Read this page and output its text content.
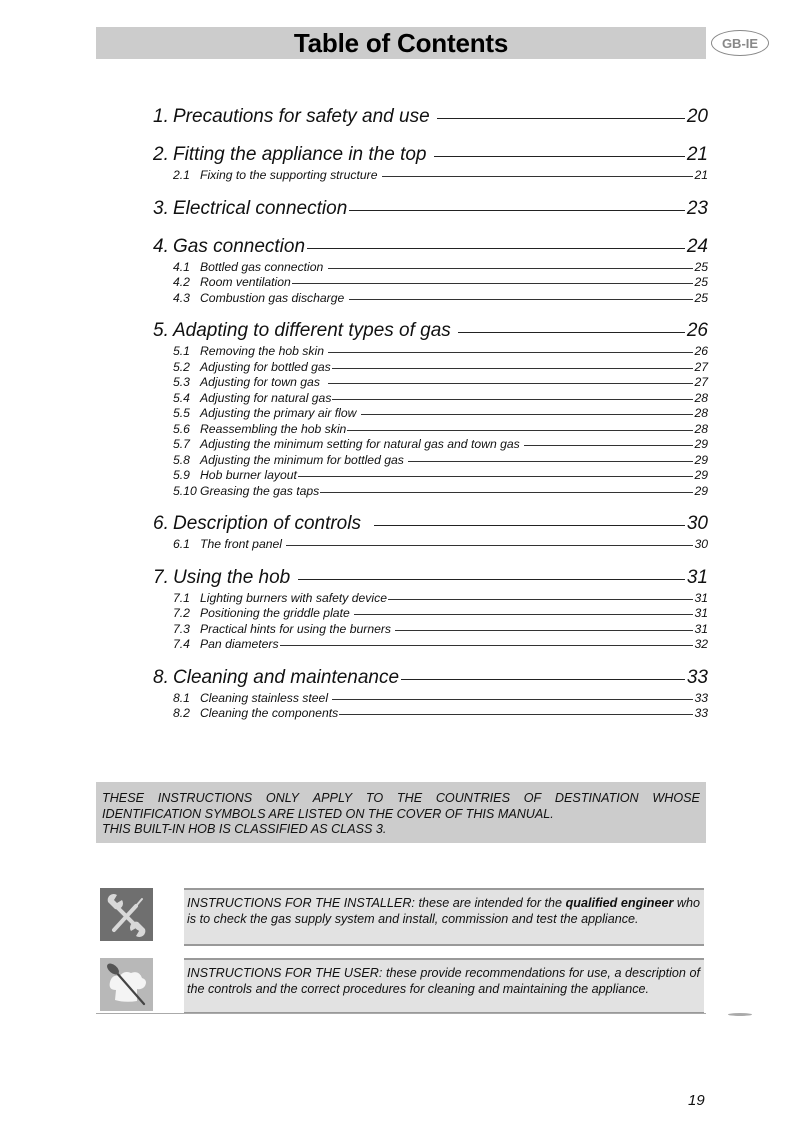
Table of Contents	GB-IE
1. Precautions for safety and use	20
2. Fitting the appliance in the top	21
2.1 Fixing to the supporting structure	21
3. Electrical connection	23
4. Gas connection	24
4.1 Bottled gas connection	25
4.2 Room ventilation	25
4.3 Combustion gas discharge	25
5. Adapting to different types of gas	26
5.1 Removing the hob skin	26
5.2 Adjusting for bottled gas	27
5.3 Adjusting for town gas	27
5.4 Adjusting for natural gas	28
5.5 Adjusting the primary air flow	28
5.6 Reassembling the hob skin	28
5.7 Adjusting the minimum setting for natural gas and town gas	29
5.8 Adjusting the minimum for bottled gas	29
5.9 Hob burner layout	29
5.10 Greasing the gas taps	29
6. Description of controls	30
6.1 The front panel	30
7. Using the hob	31
7.1 Lighting burners with safety device	31
7.2 Positioning the griddle plate	31
7.3 Practical hints for using the burners	31
7.4 Pan diameters	32
8. Cleaning and maintenance	33
8.1 Cleaning stainless steel	33
8.2 Cleaning the components	33

THESE INSTRUCTIONS ONLY APPLY TO THE COUNTRIES OF DESTINATION WHOSE

IDENTIFICATION SYMBOLS ARE LISTED ON THE COVER OF THIS MANUAL.

THIS BUILT-IN HOB IS CLASSIFIED AS CLASS 3.

INSTRUCTIONS FOR THE INSTALLER: these are intended for the qualified engineer who is to check the gas supply system and install, commission and test the appliance.
INSTRUCTIONS FOR THE USER: these provide recommendations for use, a description of the controls and the correct procedures for cleaning and maintaining the appliance.
19
